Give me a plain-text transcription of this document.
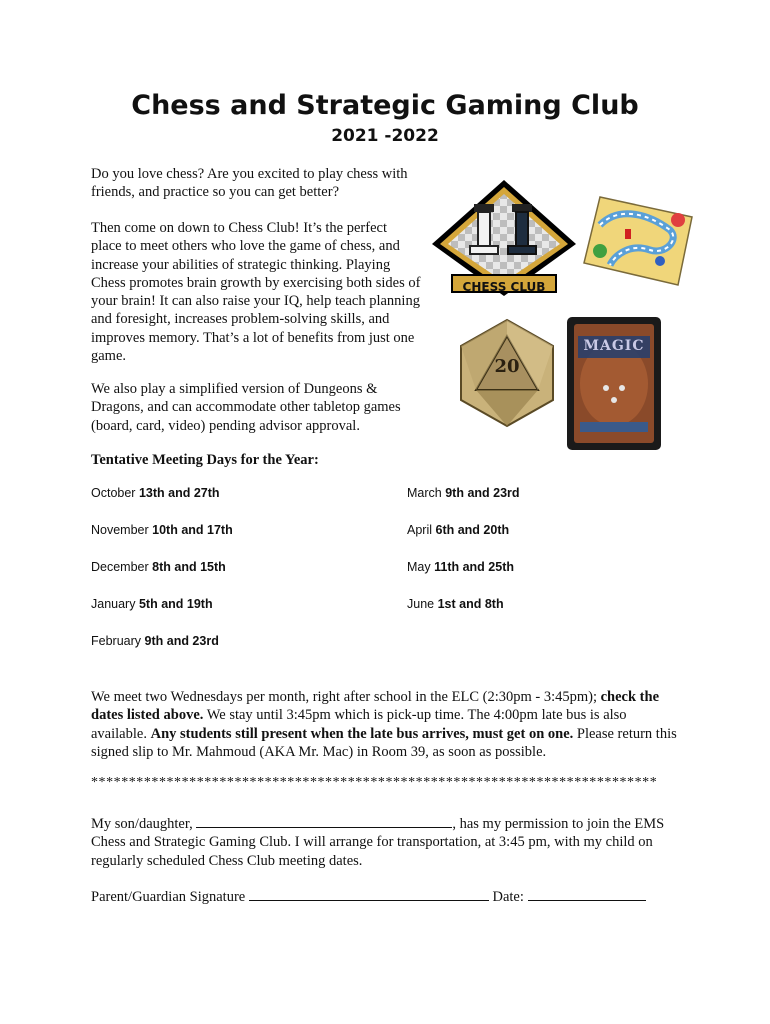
Chess and Strategic Gaming Club
2021 -2022

Do you love chess? Are you excited to play chess with friends, and practice so you can get better?

Then come on down to Chess Club! It’s the perfect place to meet others who love the game of chess, and increase your abilities of strategic thinking. Playing Chess promotes brain growth by exercising both sides of your brain! It can also raise your IQ, help teach planning and foresight, increases problem-solving skills, and improves memory. That’s a lot of benefits from just one game.

We also play a simplified version of Dungeons & Dragons, and can accommodate other tabletop games (board, card, video) pending advisor approval.

CHESS CLUB
20
MAGIC

Tentative Meeting Days for the Year:

October 13th and 27th	March 9th and 23rd

November 10th and 17th	April 6th and 20th

December 8th and 15th	May 11th and 25th

January 5th and 19th	June 1st and 8th

February 9th and 23rd

We meet two Wednesdays per month, right after school in the ELC (2:30pm - 3:45pm); check the dates listed above. We stay until 3:45pm which is pick-up time. The 4:00pm late bus is also available. Any students still present when the late bus arrives, must get on one. Please return this signed slip to Mr. Mahmoud (AKA Mr. Mac) in Room 39, as soon as possible.

***************************************************************************

My son/daughter,	, has my permission to join the EMS Chess and Strategic Gaming Club. I will arrange for transportation, at 3:45 pm, with my child on regularly scheduled Chess Club meeting dates.

Parent/Guardian Signature	Date:
